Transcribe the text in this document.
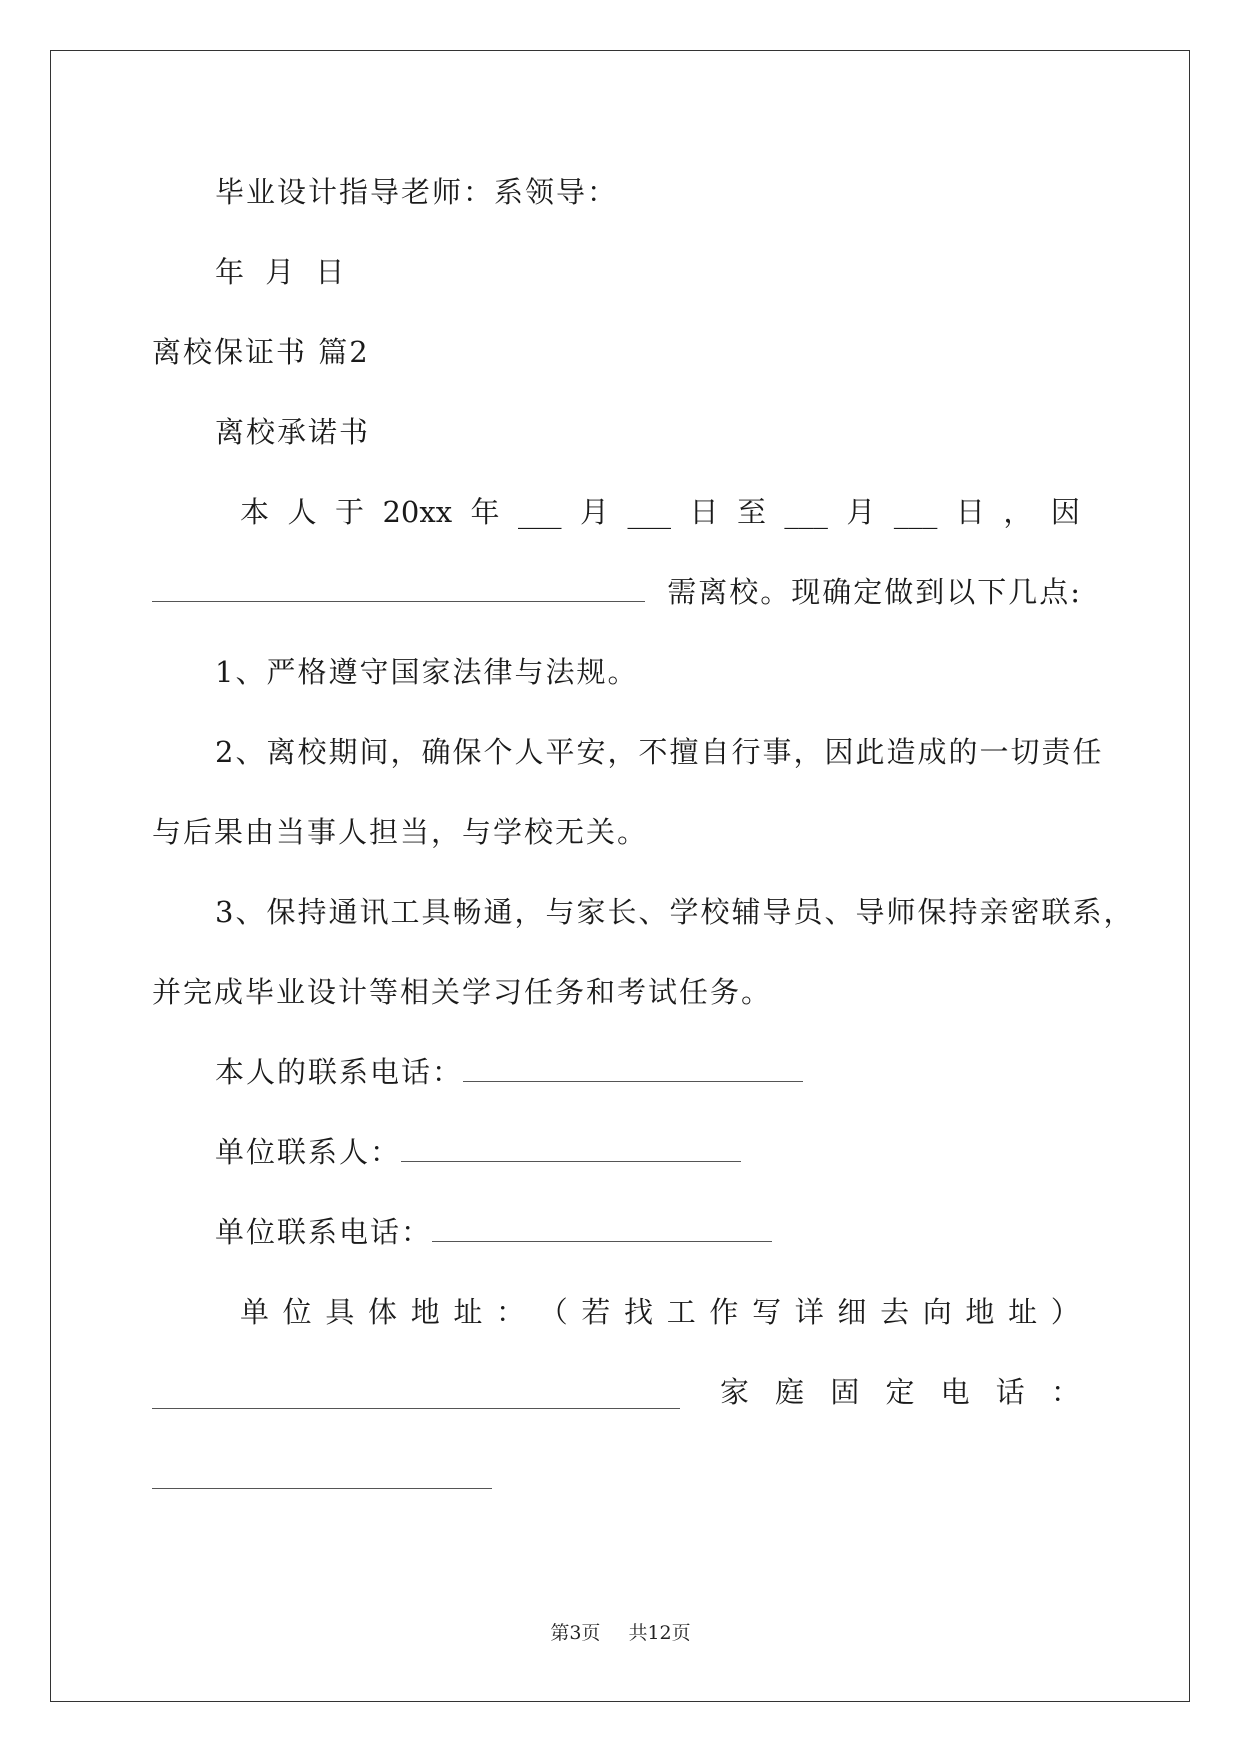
毕业设计指导老师：系领导：
年 月 日
离校保证书 篇2
离校承诺书
本 人 于 20xx 年 ___ 月 ___ 日 至 ___ 月 ___ 日 ， 因
需离校。现确定做到以下几点:
1、严格遵守国家法律与法规。
2、离校期间，确保个人平安，不擅自行事，因此造成的一切责任
与后果由当事人担当，与学校无关。
3、保持通讯工具畅通，与家长、学校辅导员、导师保持亲密联系，
并完成毕业设计等相关学习任务和考试任务。
本人的联系电话：
单位联系人：
单位联系电话：
单 位 具 体 地 址 ： （ 若 找 工 作 写 详 细 去 向 地 址 ）
家 庭 固 定 电 话 ：
第3页 共12页
